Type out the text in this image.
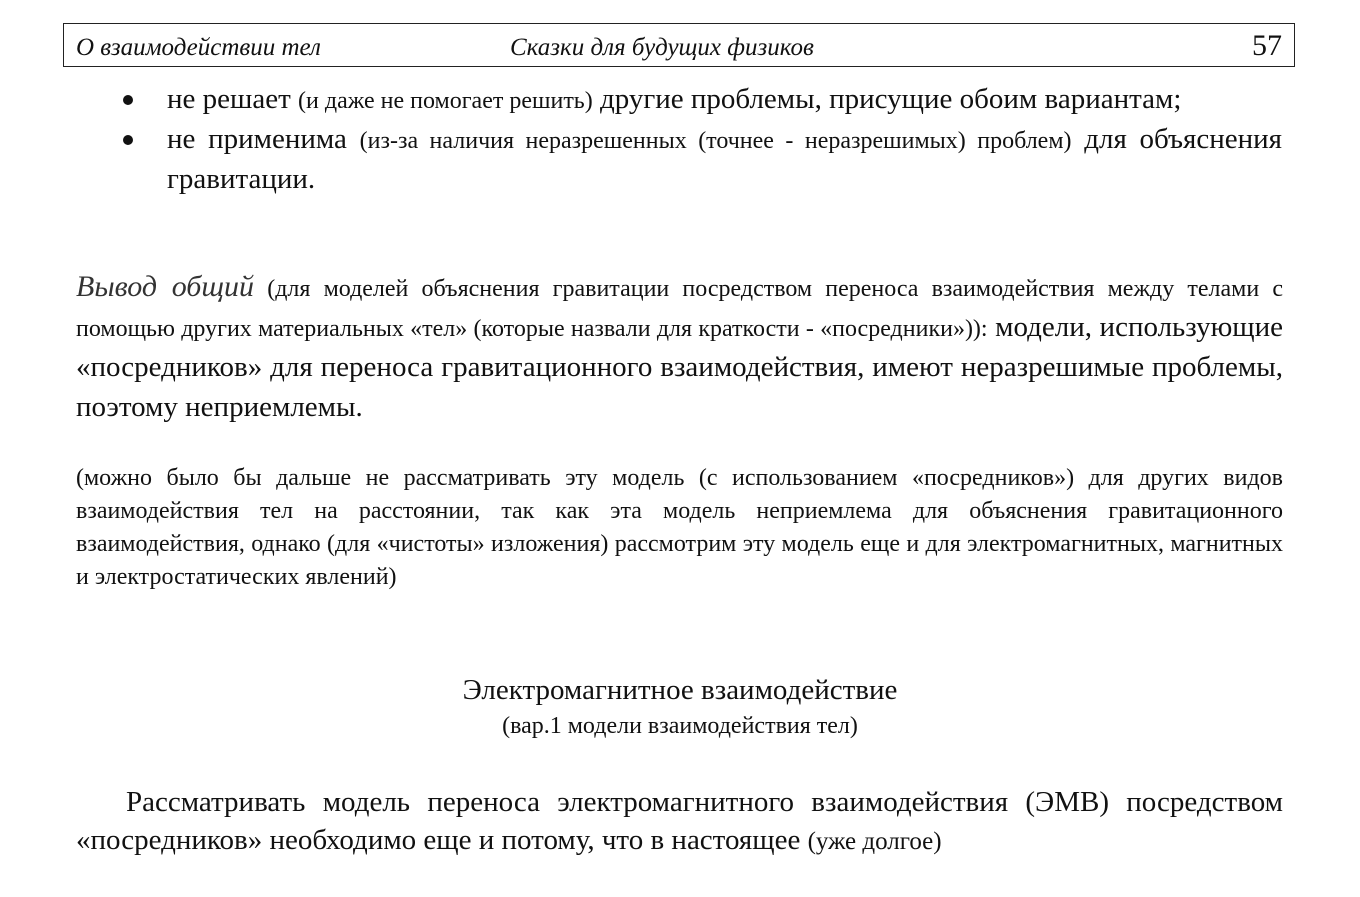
О взаимодействии тел	Сказки для будущих физиков	57
не решает (и даже не помогает решить) другие проблемы, присущие обоим вариантам;
не применима (из-за наличия неразрешенных (точнее - неразрешимых) проблем) для объяснения гравитации.

Вывод общий (для моделей объяснения гравитации посредством переноса взаимодействия между телами с помощью других материальных «тел» (которые назвали для краткости - «посредники»)): модели, использующие «посредников» для переноса гравитационного взаимодействия, имеют неразрешимые проблемы, поэтому неприемлемы.

(можно было бы дальше не рассматривать эту модель (с использованием «посредников») для других видов взаимодействия тел на расстоянии, так как эта модель неприемлема для объяснения гравитационного взаимодействия, однако (для «чистоты» изложения) рассмотрим эту модель еще и для электромагнитных, магнитных и электростатических явлений)

Электромагнитное взаимодействие
(вар.1 модели взаимодействия тел)

Рассматривать модель переноса электромагнитного взаимодействия (ЭМВ) посредством «посредников» необходимо еще и потому, что в настоящее (уже долгое)
